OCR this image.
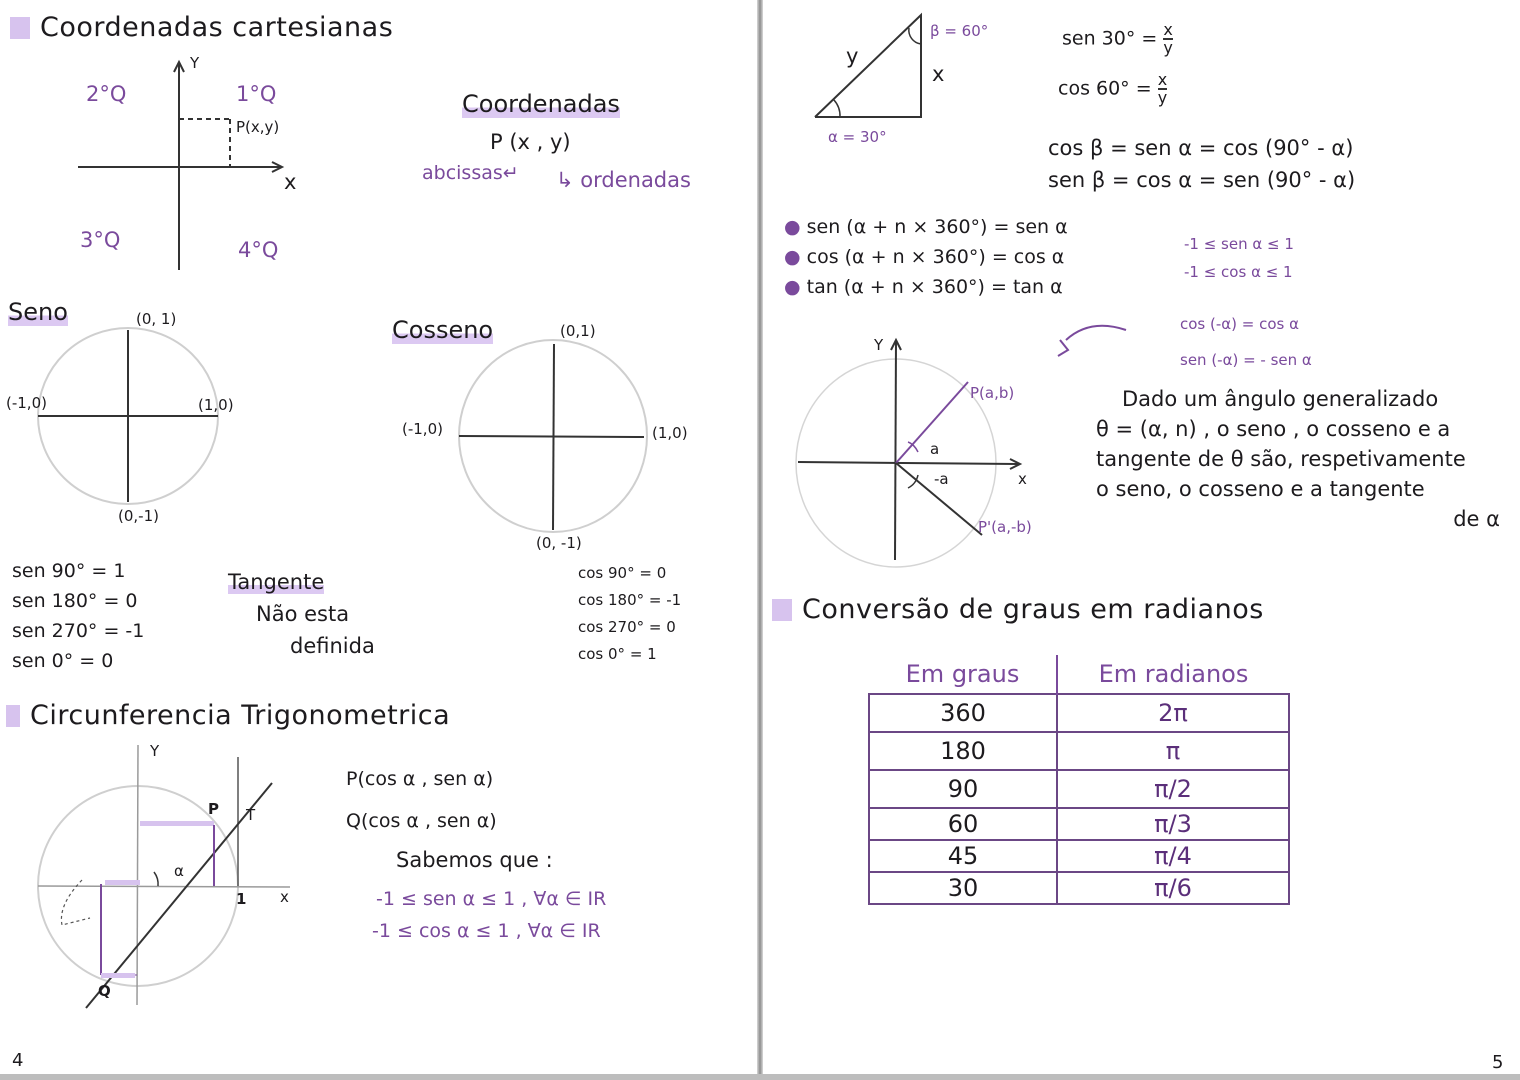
Coordenadas cartesianas
Y
x
1°Q
2°Q
3°Q	4°Q
P(x,y)
Coordenadas
P (x , y)
abcissas↵ ↳ ordenadas
Seno	(0, 1)
(-1,0)	(1,0)
(0,-1)
sen 90° = 1
sen 180° = 0
sen 270° = -1
sen 0° = 0
Tangente
Não esta
definida
Cosseno	(0,1)
(-1,0)	(1,0)
(0, -1)
cos 90° = 0
cos 180° = -1
cos 270° = 0
cos 0° = 1
Circunferencia Trigonometrica
Y
x
P T
Q
α
1
P(cos α , sen α)
Q(cos α , sen α)
Sabemos que :
-1 ≤ sen α ≤ 1 , ∀α ∈ IR
-1 ≤ cos α ≤ 1 , ∀α ∈ IR
4
β = 60°
α = 30°
y
x
sen $30^\circ = \frac{x}{y}$
$\cos 60^\circ = \frac{x}{y}$
cos β = sen α = cos (90° - α)
sen β = cos α = sen (90° - α)
● sen (α + n × 360°) = sen α
● cos (α + n × 360°) = cos α
● tan (α + n × 360°) = tan α
-1 ≤ sen α ≤ 1
-1 ≤ cos α ≤ 1
cos (-α) = cos α
sen (-α) = - sen α
Y
x
P(a,b)
P'(a,-b)
a
-a
Dado um ângulo generalizado
θ = (α, n) , o seno , o cosseno e a
tangente de θ são, respetivamente
o seno, o cosseno e a tangente
de α
Conversão de graus em radianos
Em graus	Em radianos
360	2π
180	π
90	π/2
60	π/3
45	π/4
30	π/6
5
